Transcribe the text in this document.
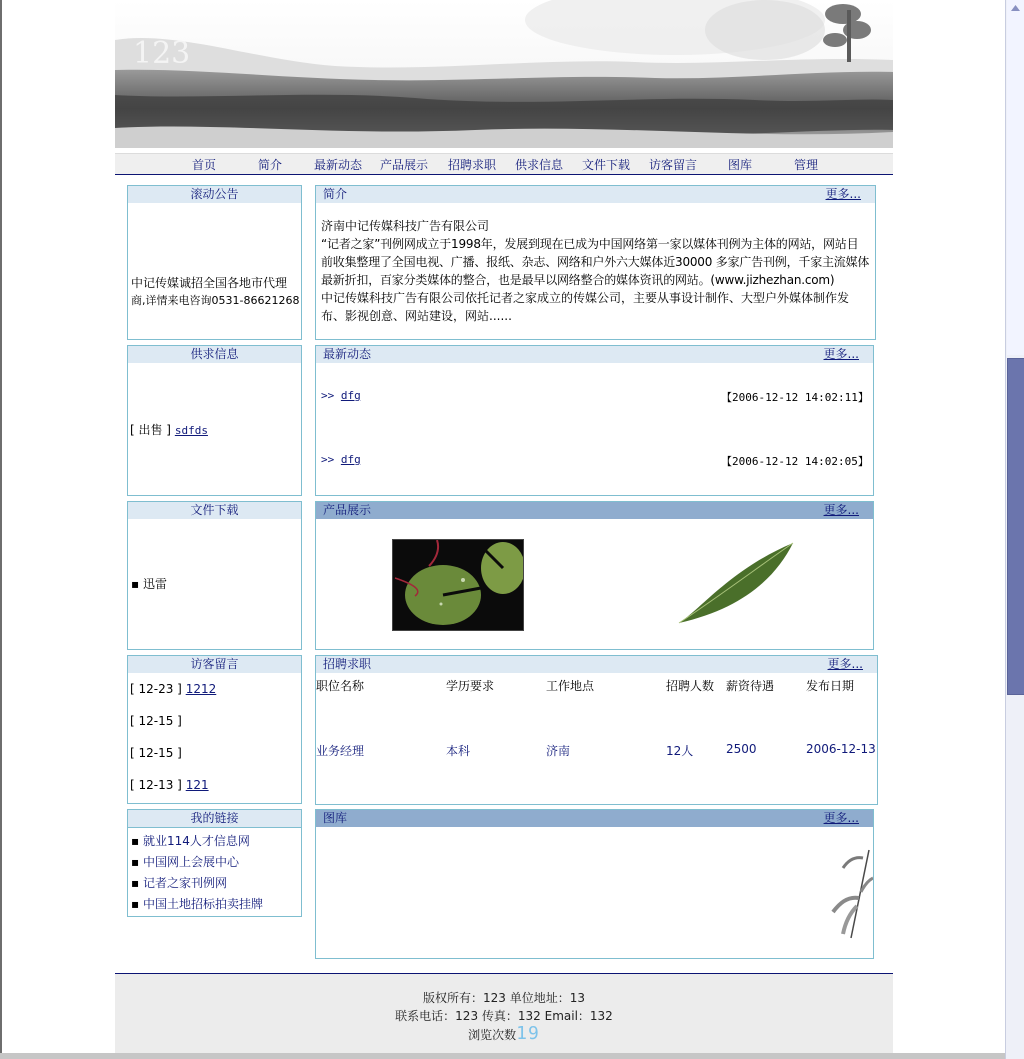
123
首页	简介	最新动态 产品展示 招聘求职 供求信息 文件下载 访客留言	图库	管理
滚动公告
中记传媒诚招全国各地市代理
商,详情来电咨询0531-86621268
简介	更多...
济南中记传媒科技广告有限公司
“记者之家”刊例网成立于1998年，发展到现在已成为中国网络第一家以媒体刊例为主体的网站，网站目
前收集整理了全国电视、广播、报纸、杂志、网络和户外六大媒体近30000 多家广告刊例，千家主流媒体
最新折扣，百家分类媒体的整合，也是最早以网络整合的媒体资讯的网站。(www.jizhezhan.com)
中记传媒科技广告有限公司依托记者之家成立的传媒公司，主要从事设计制作、大型户外媒体制作发
布、影视创意、网站建设，网站......
供求信息
[ 出售 ] sdfds
最新动态	更多...
>> dfg	【2006-12-12 14:02:11】
>> dfg	【2006-12-12 14:02:05】
文件下载
▪ 迅雷
产品展示	更多...
访客留言
[ 12-23 ] 1212
[ 12-15 ]
[ 12-15 ]
[ 12-13 ] 121
招聘求职	更多...
职位名称	学历要求	工作地点	招聘人数 薪资待遇	发布日期
业务经理	本科	济南	12人	2500	2006-12-13
我的链接
▪ 就业114人才信息网
▪ 中国网上会展中心
▪ 记者之家刊例网
▪ 中国土地招标拍卖挂牌
图库	更多...
版权所有：123 单位地址：13
联系电话：123 传真：132 Email：132
浏览次数19
